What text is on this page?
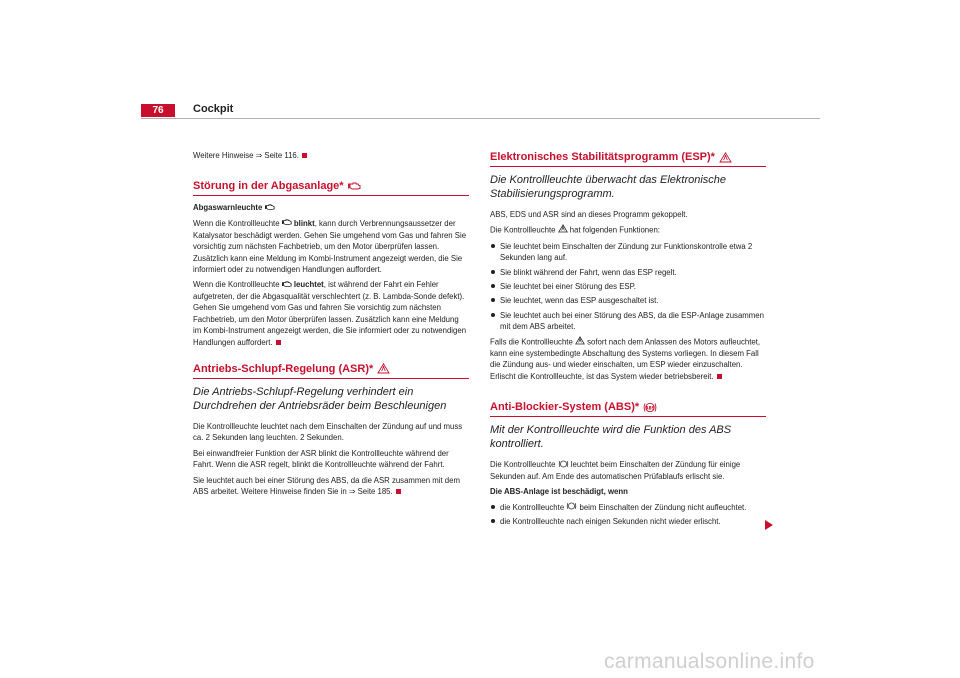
76	Cockpit

Weitere Hinweise ⇒ Seite 116.

Störung in der Abgasanlage*

Abgaswarnleuchte

Wenn die Kontrollleuchte  blinkt, kann durch Verbrennungsaussetzer der Katalysator beschädigt werden. Gehen Sie umgehend vom Gas und fahren Sie vorsichtig zum nächsten Fachbetrieb, um den Motor überprüfen lassen. Zusätzlich kann eine Meldung im Kombi-Instrument angezeigt werden, die Sie informiert oder zu notwendigen Handlungen auffordert.

Wenn die Kontrollleuchte  leuchtet, ist während der Fahrt ein Fehler aufgetreten, der die Abgasqualität verschlechtert (z. B. Lambda-Sonde defekt). Gehen Sie umgehend vom Gas und fahren Sie vorsichtig zum nächsten Fachbetrieb, um den Motor überprüfen lassen. Zusätzlich kann eine Meldung im Kombi-Instrument angezeigt werden, die Sie informiert oder zu notwendigen Handlungen auffordert.

Antriebs-Schlupf-Regelung (ASR)*
Die Antriebs-Schlupf-Regelung verhindert ein Durchdrehen der Antriebsräder beim Beschleunigen

Die Kontrollleuchte leuchtet nach dem Einschalten der Zündung auf und muss ca. 2 Sekunden lang leuchten. 2 Sekunden.

Bei einwandfreier Funktion der ASR blinkt die Kontrollleuchte während der Fahrt. Wenn die ASR regelt, blinkt die Kontrollleuchte während der Fahrt.

Sie leuchtet auch bei einer Störung des ABS, da die ASR zusammen mit dem ABS arbeitet. Weitere Hinweise finden Sie in ⇒ Seite 185.

Elektronisches Stabilitätsprogramm (ESP)*
Die Kontrollleuchte überwacht das Elektronische Stabilisierungsprogramm.

ABS, EDS und ASR sind an dieses Programm gekoppelt.

Die Kontrollleuchte  hat folgenden Funktionen:

Sie leuchtet beim Einschalten der Zündung zur Funktionskontrolle etwa 2 Sekunden lang auf.
Sie blinkt während der Fahrt, wenn das ESP regelt.
Sie leuchtet bei einer Störung des ESP.
Sie leuchtet, wenn das ESP ausgeschaltet ist.
Sie leuchtet auch bei einer Störung des ABS, da die ESP-Anlage zusammen mit dem ABS arbeitet.

Falls die Kontrollleuchte  sofort nach dem Anlassen des Motors aufleuchtet, kann eine systembedingte Abschaltung des Systems vorliegen. In diesem Fall die Zündung aus- und wieder einschalten, um ESP wieder einzuschalten. Erlischt die Kontrollleuchte, ist das System wieder betriebsbereit.

Anti-Blockier-System (ABS)* ABS
Mit der Kontrollleuchte wird die Funktion des ABS kontrolliert.

Die Kontrollleuchte  leuchtet beim Einschalten der Zündung für einige Sekunden auf. Am Ende des automatischen Prüfablaufs erlischt sie.

Die ABS-Anlage ist beschädigt, wenn

die Kontrollleuchte  beim Einschalten der Zündung nicht aufleuchtet.
die Kontrollleuchte nach einigen Sekunden nicht wieder erlischt.
carmanualsonline.info
